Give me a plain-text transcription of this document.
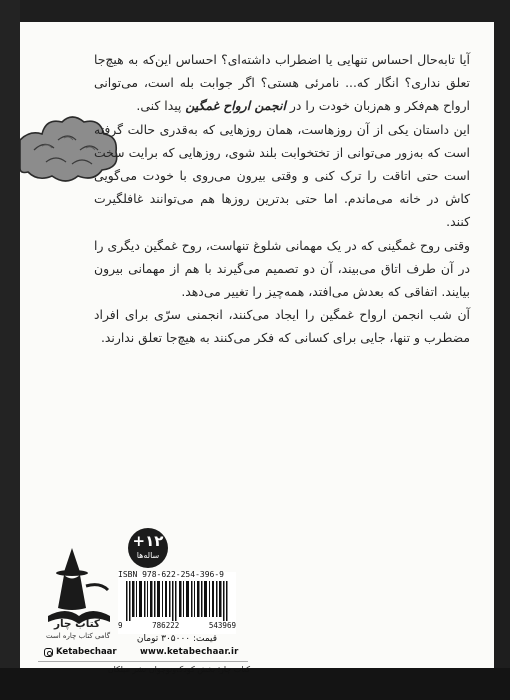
آیا تابه‌حال احساس تنهایی یا اضطراب داشته‌ای؟ احساس این‌که به هیچ‌جا تعلق نداری؟ انگار که... نامرئی هستی؟ اگر جوابت بله است، می‌توانی ارواح هم‌فکر و هم‌زبان خودت را در انجمن ارواح غمگین پیدا کنی.

این داستان یکی از آن روزهاست، همان روزهایی که به‌قدری حالت گرفته است که به‌زور می‌توانی از تختخوابت بلند شوی، روزهایی که برایت سخت است حتی اتاقت را ترک کنی و وقتی بیرون می‌روی با خودت می‌گویی کاش در خانه می‌ماندم. اما حتی بدترین روزها هم می‌توانند غافلگیرت کنند.

وقتی روح غمگینی که در یک مهمانی شلوغ تنهاست، روح غمگین دیگری را در آن طرف اتاق می‌بیند، آن دو تصمیم می‌گیرند با هم از مهمانی بیرون بیایند. اتفاقی که بعدش می‌افتد، همه‌چیز را تغییر می‌دهد.

آن شب انجمن ارواح غمگین را ایجاد می‌کنند، انجمنی سرّی برای افراد مضطرب و تنها، جایی برای کسانی که فکر می‌کنند به هیچ‌جا تعلق ندارند.

+۱۲
ساله‌ها
کتاب چار
گامی کتاب چاره است
ISBN 978-622-254-396-9
9	786222	543969
قیمت: ۳۰۵۰۰۰ تومان
Ketabechaar	www.ketabechaar.ir
کتاب چار؛ بخش کودک‌ونوجوان نشر میلکان
